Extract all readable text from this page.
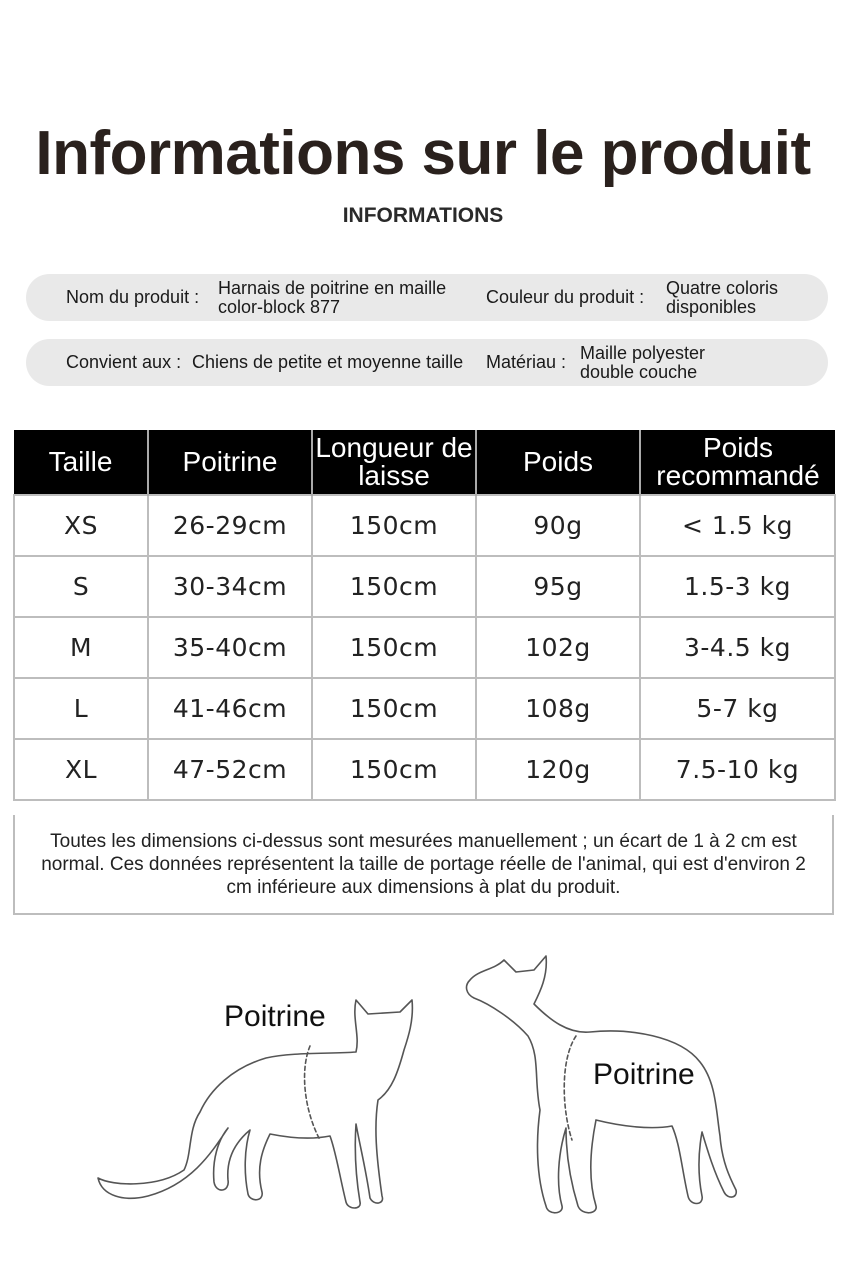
Informations sur le produit
INFORMATIONS
Nom du produit : Harnais de poitrine en maille color-block 877	Couleur du produit : Quatre coloris disponibles
Convient aux : Chiens de petite et moyenne taille Matériau : Maille polyester double couche
Taille	Poitrine	Longueur de laisse	Poids	Poids recommandé
XS	26-29cm	150cm	90g	< 1.5 kg
S	30-34cm	150cm	95g	1.5-3 kg
M	35-40cm	150cm	102g	3-4.5 kg
L	41-46cm	150cm	108g	5-7 kg
XL	47-52cm	150cm	120g	7.5-10 kg
Toutes les dimensions ci-dessus sont mesurées manuellement ; un écart de 1 à 2 cm est normal. Ces données représentent la taille de portage réelle de l'animal, qui est d'environ 2 cm inférieure aux dimensions à plat du produit.
Poitrine
Poitrine
